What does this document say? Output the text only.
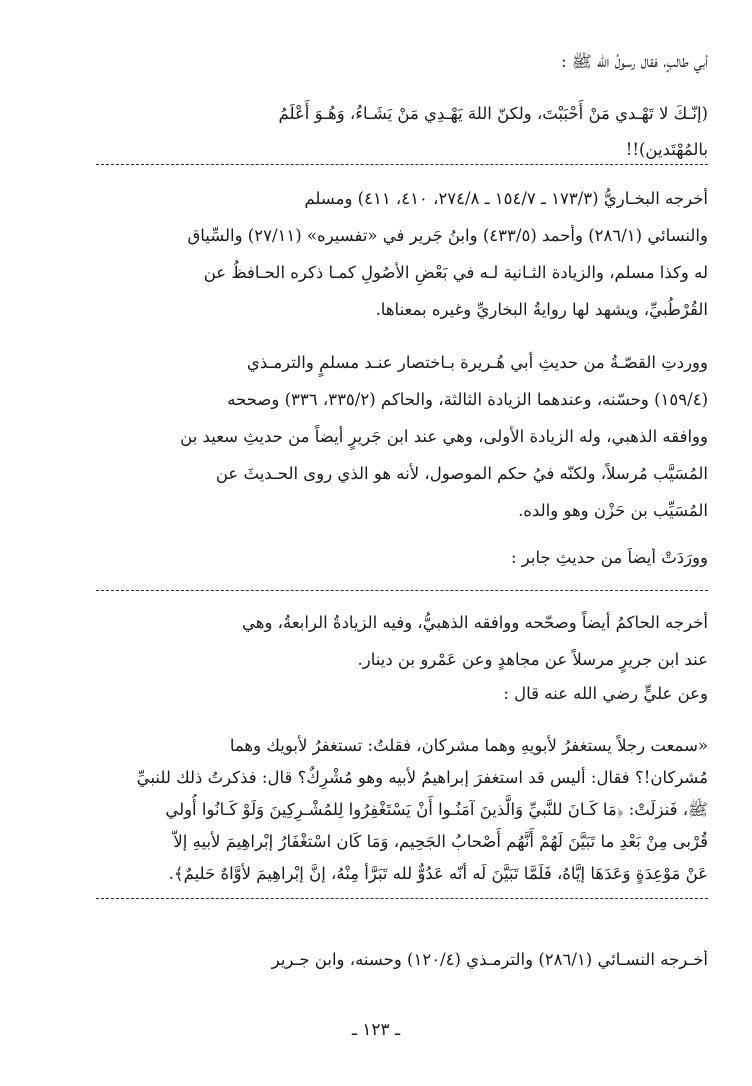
أبي طالبٍ، فقال رسولُ الله ﷺ :
(إنّـكَ لا تَهْـدي مَنْ أَحْبَبْتَ، ولكنّ اللهَ يَهْـدِي مَنْ يَشَـاءُ، وَهُـوَ أَعْلَمُ
بالمُهْتَدين)!!
أخرجه البخـاريُّ (١٧٣/٣ ـ ١٥٤/٧ ـ ٢٧٤/٨، ٤١٠، ٤١١) ومسلم
والنسائي (٢٨٦/١) وأحمد (٤٣٣/٥) وابنُ جَرير في «تفسيره» (٢٧/١١) والسِّياق
له وكذا مسلم، والزيادة الثـانية لـه في بَعْضِ الأصُولِ كمـا ذكره الحـافظُ عن
القُرْطُبيِّ، ويشهد لها روايةُ البخاريِّ وغيره بمعناها.
ووردتِ القصّـةُ من حديثِ أبي هُـريرة بـاختصار عنـد مسلمٍ والترمـذي
(١٥٩/٤) وحسّنه، وعندهما الزيادة الثالثة، والحاكم (٣٣٥/٢، ٣٣٦) وصححه
ووافقه الذهبي، وله الزيادة الأولى، وهي عند ابن جَريرٍ أيضاً من حديثِ سعيد بن
المُسَيَّب مُرسلاً، ولكنّه فيُ حكم الموصول، لأنه هو الذي روى الحـديثَ عن
المُسَيِّب بن حَزْن وهو والده.
وورَدَتْ أيضاً من حديثِ جابرٍ :
أخرجه الحاكمُ أيضاً وصحّحه ووافقه الذهبيُّ، وفيه الزيادةُ الرابعةُ، وهي
عند ابن جريرٍ مرسلاً عن مجاهدٍ وعن عَمْرو بن دينار.
وعن عليٍّ رضي الله عنه قال :
«سمعت رجلاً يستغفرُ لأبويهِ وهما مشركان، فقلتُ: تستغفرُ لأبويك وهما
مُشركان!؟ فقال: أليس قد استغفرَ إبراهيمُ لأبيه وهو مُشْرِكٌ؟ قال: فذكرتُ ذلك للنبيِّ
ﷺ، فَنزلَتْ: ﴿مَا كَـانَ للنَّبيِّ وَالَّذينَ آمَنُـوا أَنْ يَسْتَغْفِرُوا لِلمُشْـرِكِينَ وَلَوْ كَـانُوا أُولي
قُرْبى مِنْ بَعْدِ ما تَبَيَّنَ لَهُمْ أَنَّهُم أَصْحابُ الجَحِيم، وَمَا كَان اسْتغْفَارُ إبْراهِيمَ لأبيهِ إلاّ
عَنْ مَوْعِدَةٍ وَعَدَهَا إيَّاهُ، فَلَمَّا تَبَيَّنَ لَه أنّه عَدُوٌّ لله تَبَرَّأ مِنْهُ، إنَّ إبْراهِيمَ لأوَّاهٌ حَليمٌ﴾.
أخـرجه النسـائي (٢٨٦/١) والترمـذي (١٢٠/٤) وحسنه، وابن جـرير
ـ ١٢٣ ـ
